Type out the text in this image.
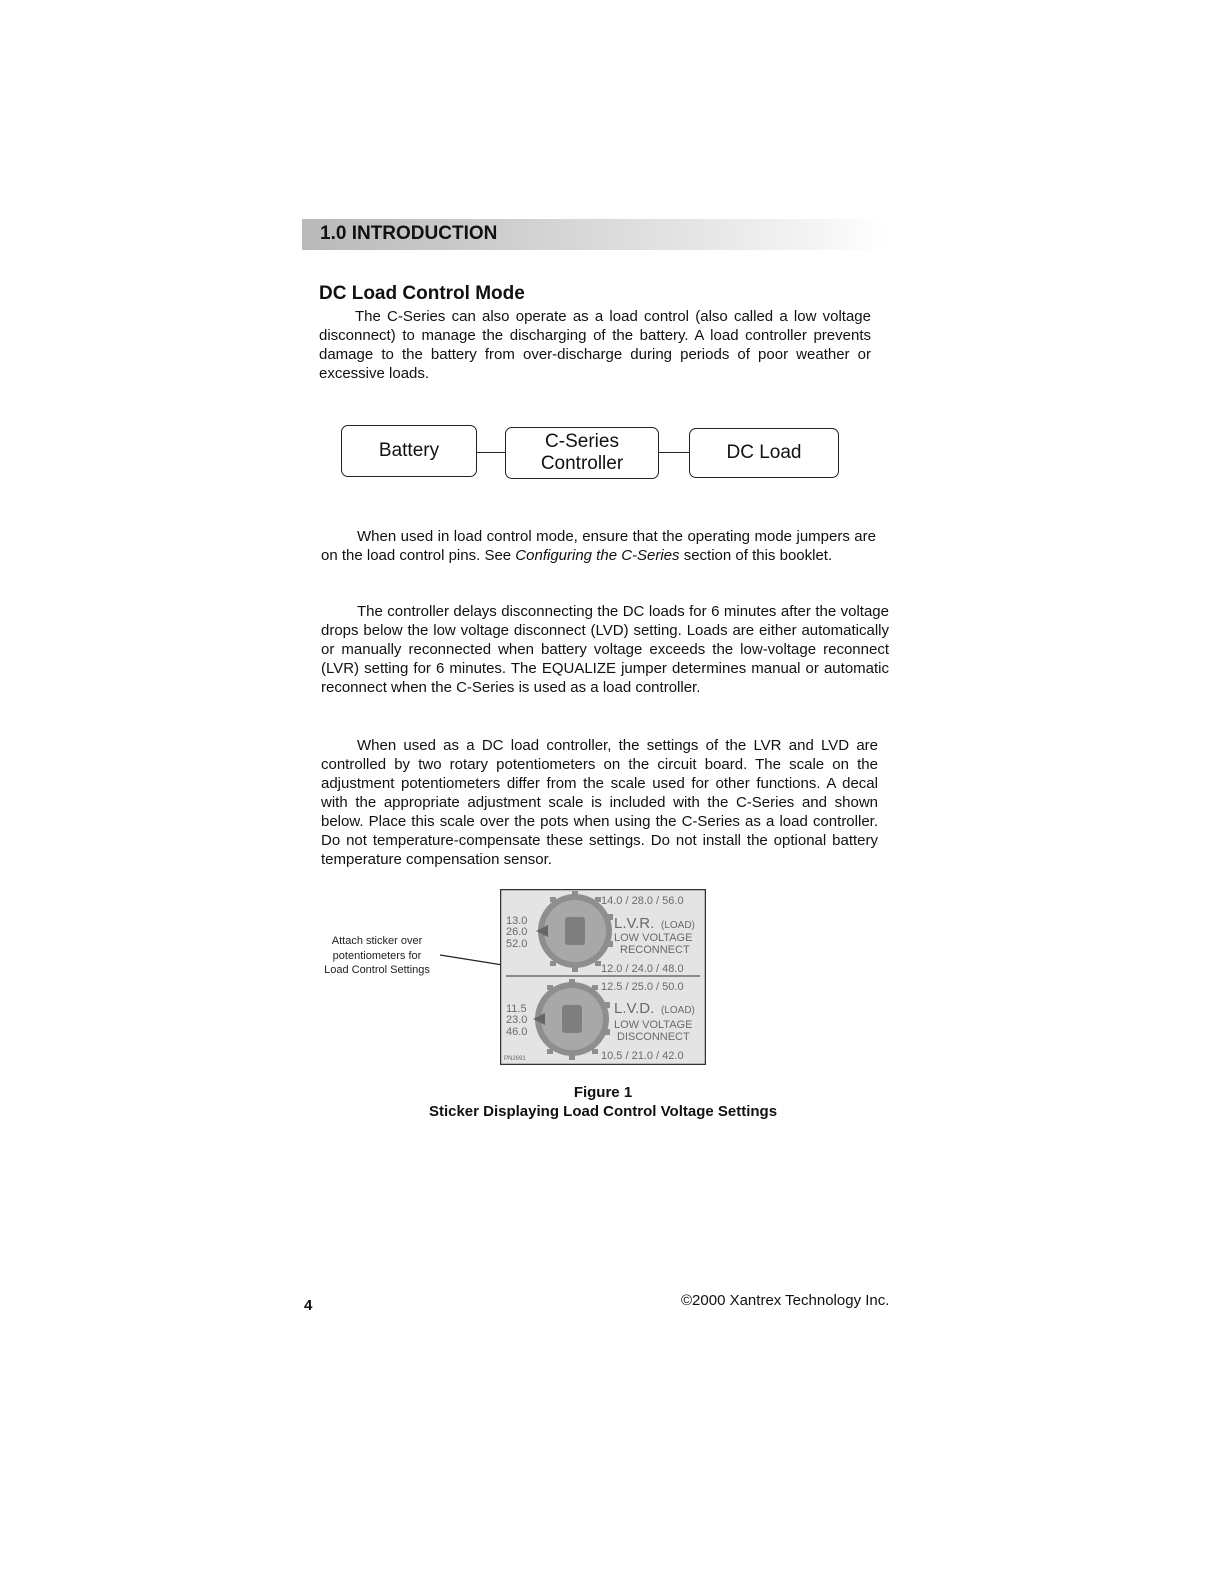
1.0 INTRODUCTION
DC Load Control Mode

The C-Series can also operate as a load control (also called a low voltage disconnect) to manage the discharging of the battery. A load controller prevents damage to the battery from over-discharge during periods of poor weather or excessive loads.

Battery	C-Series
Controller
DC Load

When used in load control mode, ensure that the operating mode jumpers are on the load control pins. See Configuring the C-Series section of this booklet.

The controller delays disconnecting the DC loads for 6 minutes after the voltage drops below the low voltage disconnect (LVD) setting. Loads are either automatically or manually reconnected when battery voltage exceeds the low-voltage reconnect (LVR) setting for 6 minutes. The EQUALIZE jumper determines manual or automatic reconnect when the C-Series is used as a load controller.

When used as a DC load controller, the settings of the LVR and LVD are controlled by two rotary potentiometers on the circuit board. The scale on the adjustment potentiometers differ from the scale used for other functions. A decal with the appropriate adjustment scale is included with the C-Series and shown below. Place this scale over the pots when using the C-Series as a load controller. Do not temperature-compensate these settings. Do not install the optional battery temperature compensation sensor.

Attach sticker over
potentiometers for
Load Control Settings
14.0 / 28.0 / 56.0
13.0
26.0
52.0
L.V.R. (LOAD)
LOW VOLTAGE
RECONNECT
12.0 / 24.0 / 48.0
12.5 / 25.0 / 50.0
11.5
23.0
46.0
L.V.D. (LOAD)
LOW VOLTAGE
DISCONNECT
10.5 / 21.0 / 42.0
PN2691
Figure 1
Sticker Displaying Load Control Voltage Settings
4	©2000 Xantrex Technology Inc.
